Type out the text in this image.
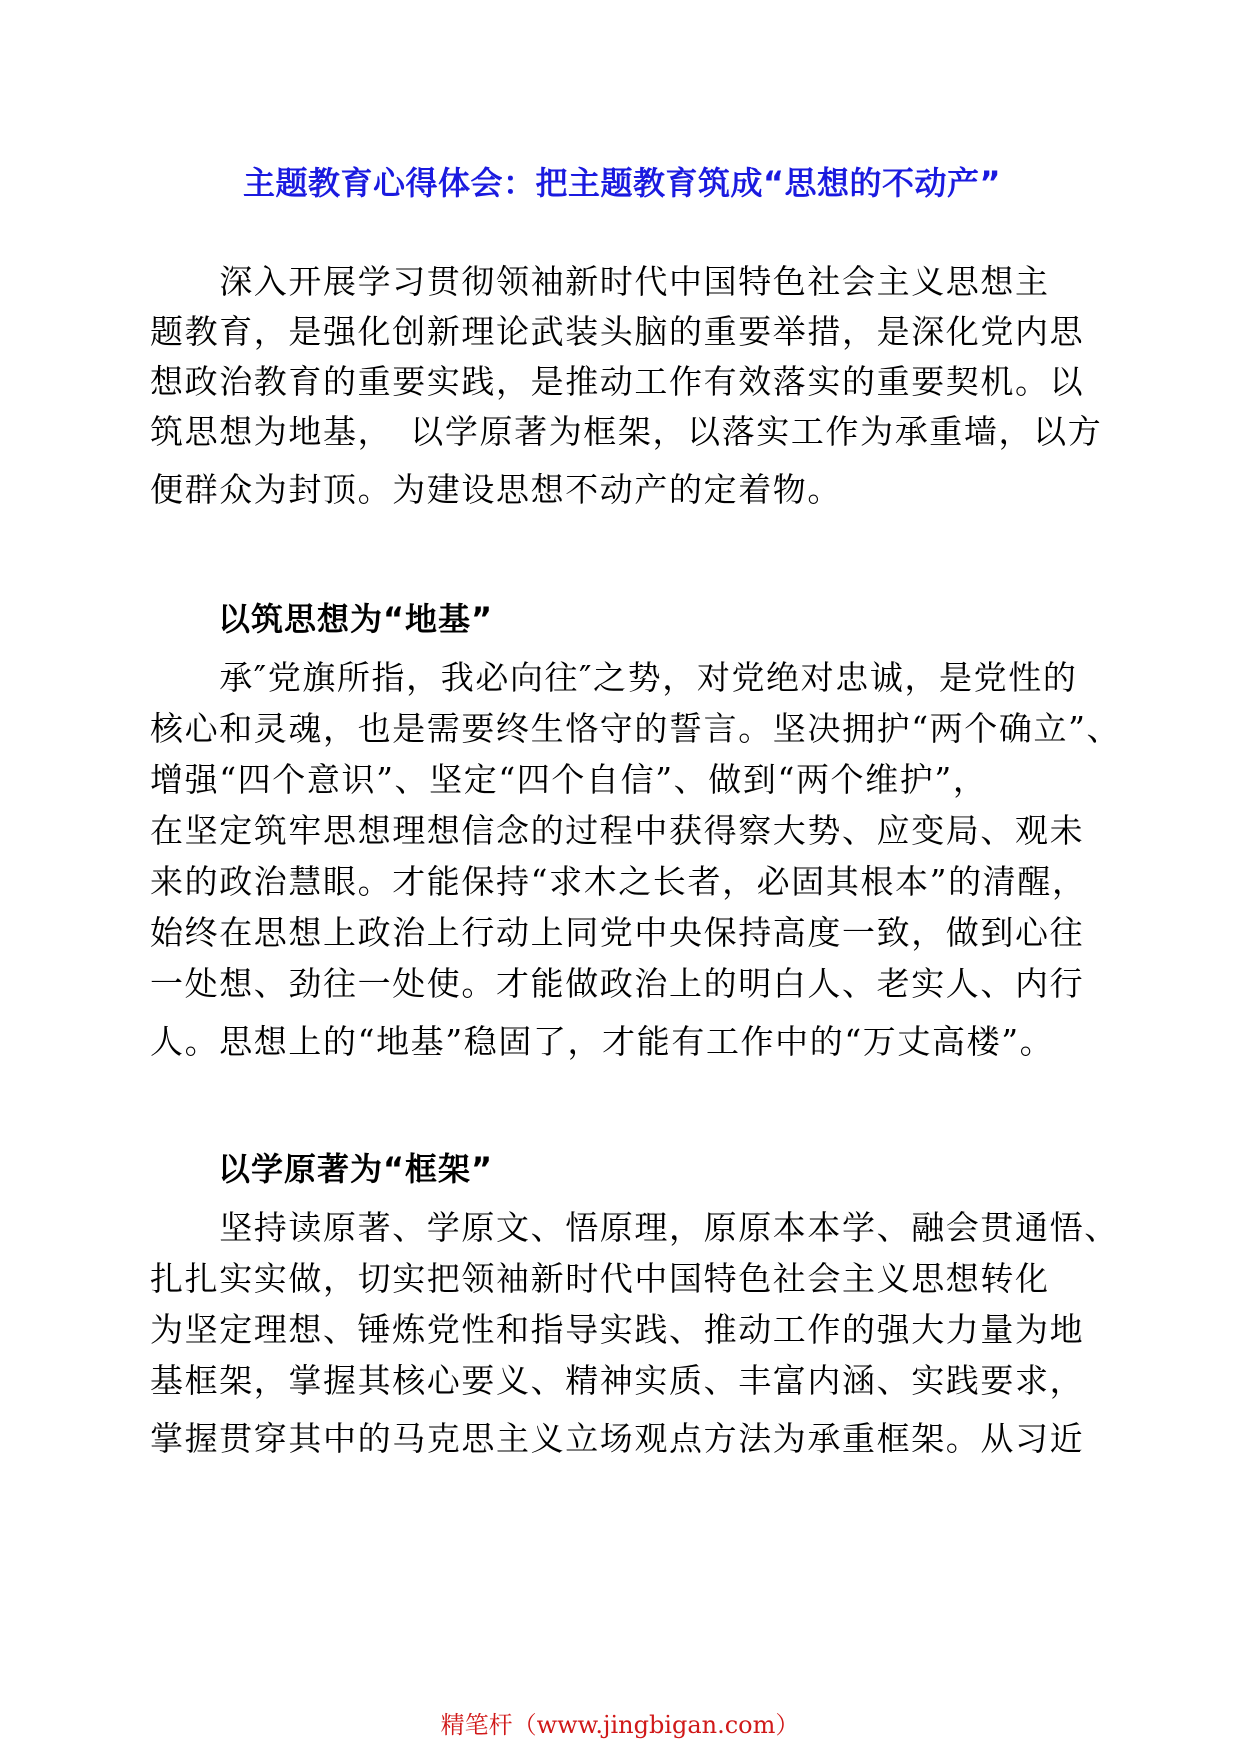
主题教育心得体会：把主题教育筑成“思想的不动产”
　　深入开展学习贯彻领袖新时代中国特色社会主义思想主
题教育，是强化创新理论武装头脑的重要举措，是深化党内思
想政治教育的重要实践，是推动工作有效落实的重要契机。以
筑思想为地基，　以学原著为框架，以落实工作为承重墙，以方
便群众为封顶。为建设思想不动产的定着物。
以筑思想为“地基”
　　承″党旗所指，我必向往″之势，对党绝对忠诚，是党性的
核心和灵魂，也是需要终生恪守的誓言。坚决拥护“两个确立”、
增强“四个意识”、坚定“四个自信”、做到“两个维护”，
在坚定筑牢思想理想信念的过程中获得察大势、应变局、观未
来的政治慧眼。才能保持“求木之长者，必固其根本”的清醒，
始终在思想上政治上行动上同党中央保持高度一致，做到心往
一处想、劲往一处使。才能做政治上的明白人、老实人、内行
人。思想上的“地基”稳固了，才能有工作中的“万丈高楼”。
以学原著为“框架”
　　坚持读原著、学原文、悟原理，原原本本学、融会贯通悟、
扎扎实实做，切实把领袖新时代中国特色社会主义思想转化
为坚定理想、锤炼党性和指导实践、推动工作的强大力量为地
基框架，掌握其核心要义、精神实质、丰富内涵、实践要求，
掌握贯穿其中的马克思主义立场观点方法为承重框架。从习近
精笔杆（www.jingbigan.com）
